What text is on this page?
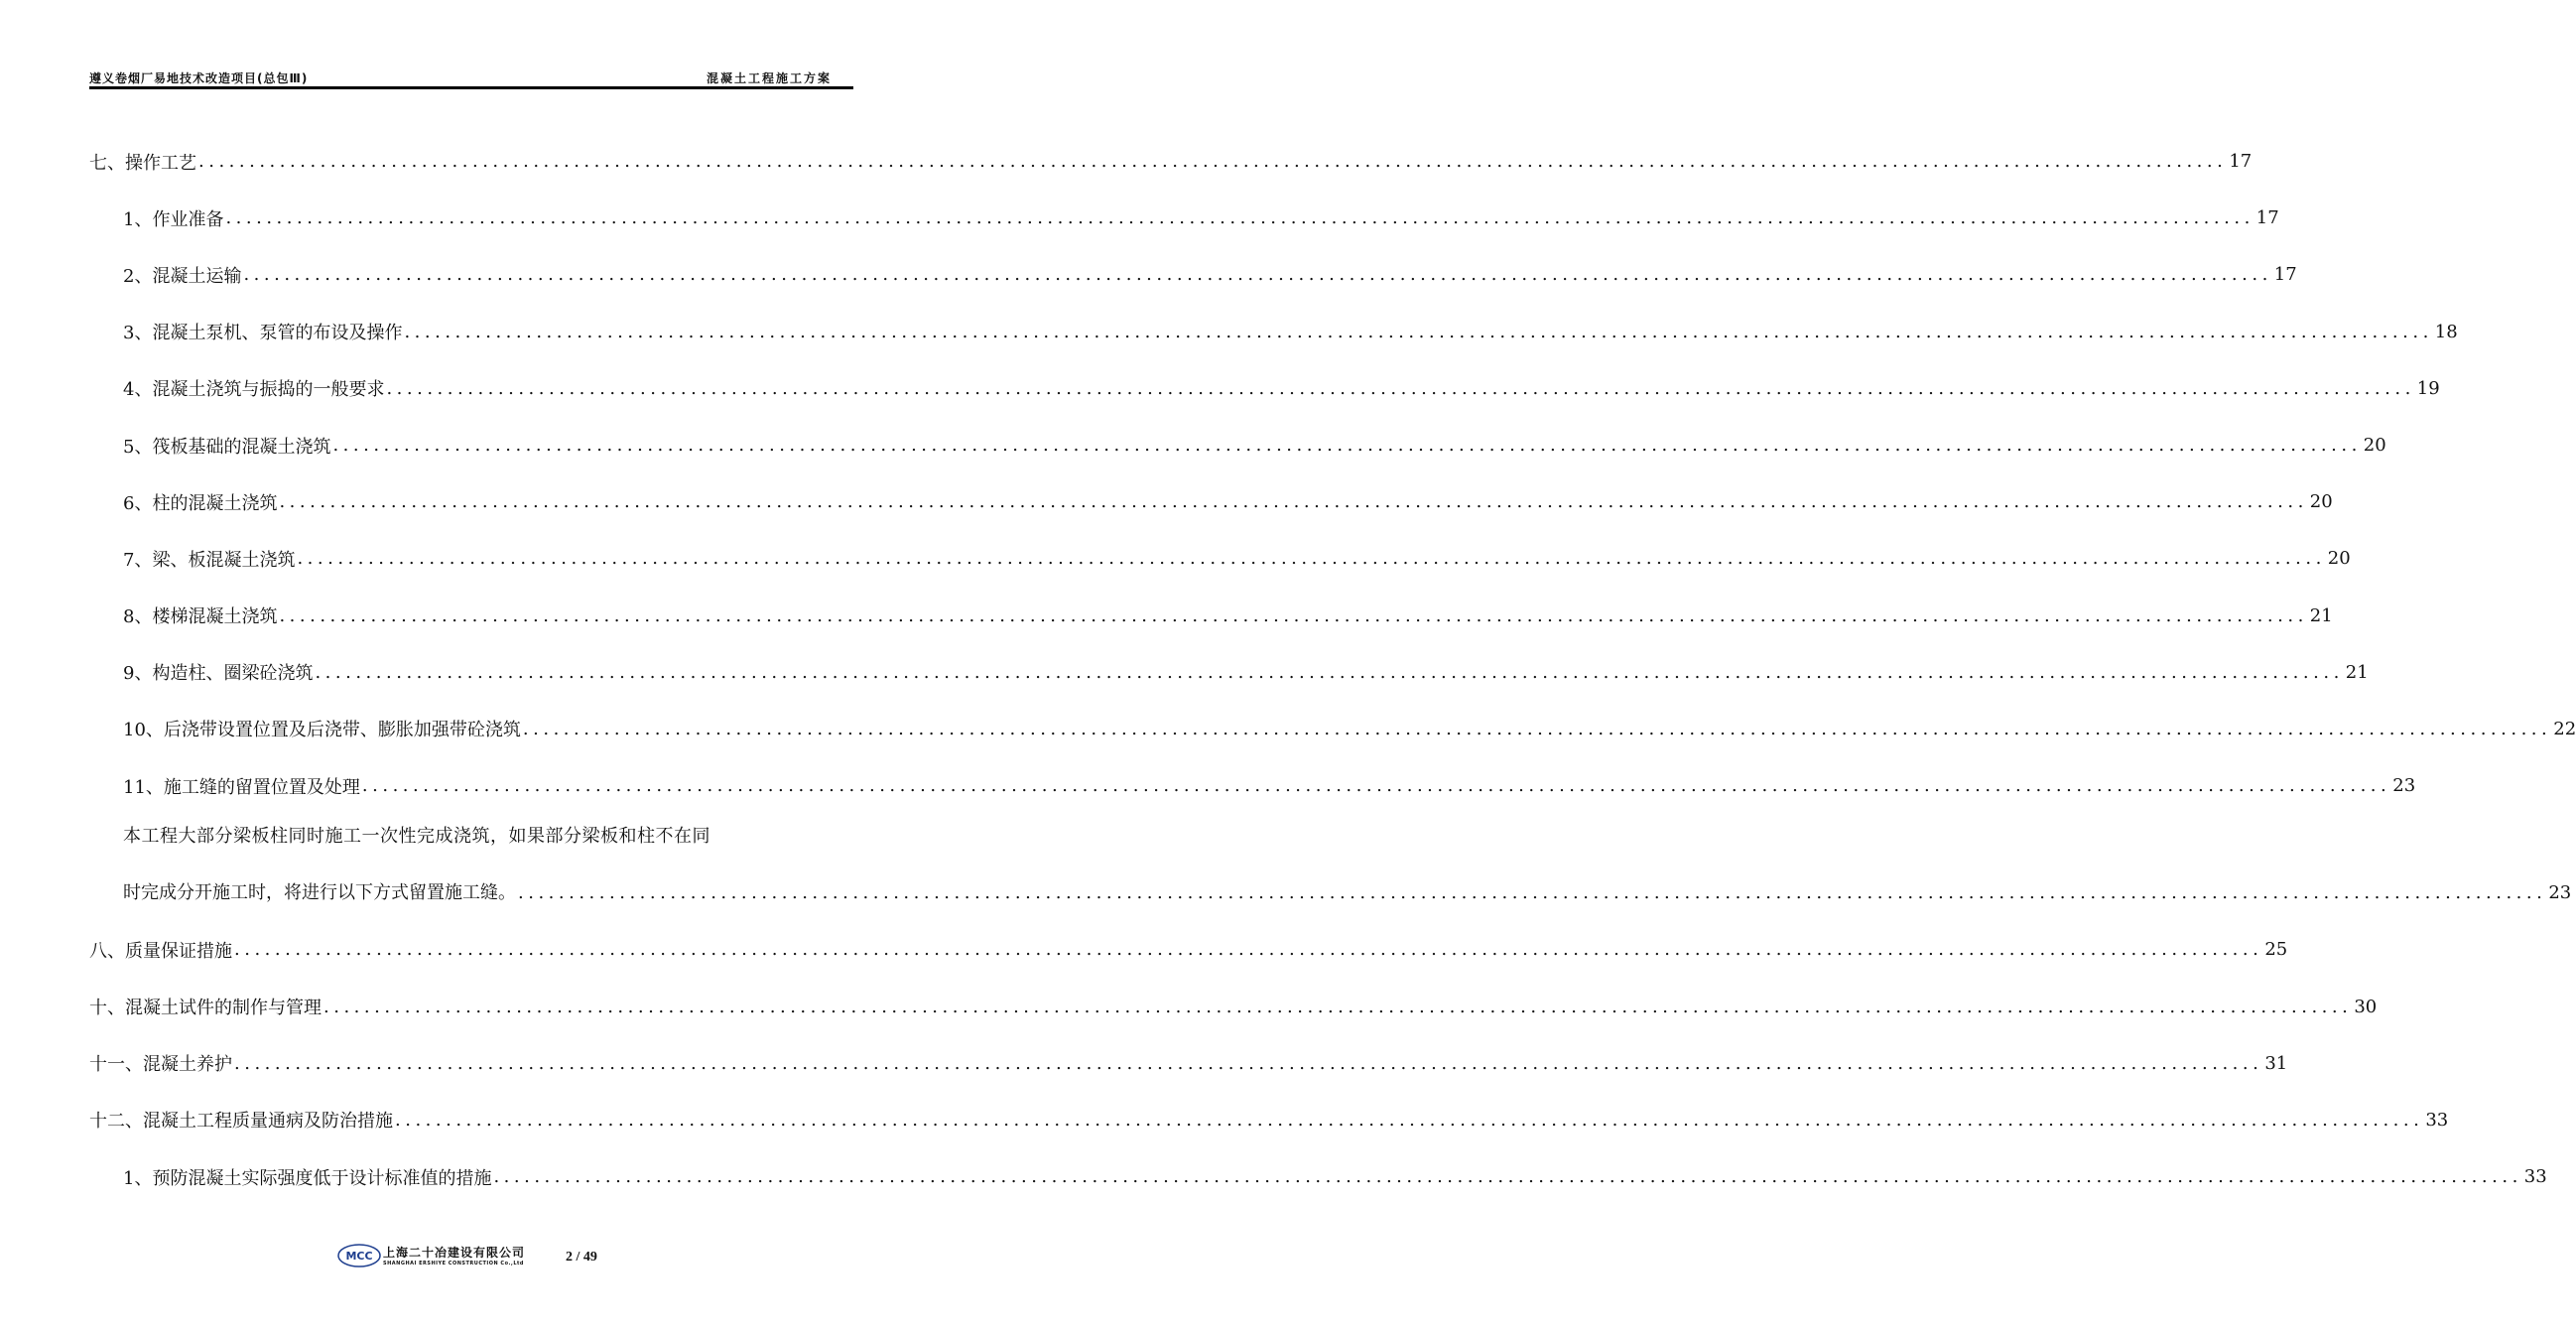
遵义卷烟厂易地技术改造项目(总包Ⅲ)	混凝土工程施工方案
七、操作工艺 ........................................................................................................................................................................................................ 17
1、作业准备 ........................................................................................................................................................................................................ 17
2、混凝土运输 ........................................................................................................................................................................................................ 17
3、混凝土泵机、泵管的布设及操作 ........................................................................................................................................................................................................ 18
4、混凝土浇筑与振捣的一般要求 ........................................................................................................................................................................................................ 19
5、筏板基础的混凝土浇筑 ........................................................................................................................................................................................................ 20
6、柱的混凝土浇筑 ........................................................................................................................................................................................................ 20
7、梁、板混凝土浇筑 ........................................................................................................................................................................................................ 20
8、楼梯混凝土浇筑 ........................................................................................................................................................................................................ 21
9、构造柱、圈梁砼浇筑 ........................................................................................................................................................................................................ 21
10、后浇带设置位置及后浇带、膨胀加强带砼浇筑 ........................................................................................................................................................................................................ 22
11、施工缝的留置位置及处理 ........................................................................................................................................................................................................ 23
本工程大部分梁板柱同时施工一次性完成浇筑，如果部分梁板和柱不在同
时完成分开施工时，将进行以下方式留置施工缝。 ........................................................................................................................................................................................................ 23
八、质量保证措施 ........................................................................................................................................................................................................ 25
十、混凝土试件的制作与管理 ........................................................................................................................................................................................................ 30
十一、混凝土养护 ........................................................................................................................................................................................................ 31
十二、混凝土工程质量通病及防治措施 ........................................................................................................................................................................................................ 33
1、预防混凝土实际强度低于设计标准值的措施 ........................................................................................................................................................................................................ 33
MCC 上海二十冶建设有限公司
SHANGHAI ERSHIYE CONSTRUCTION Co.,Ltd	2 / 49
